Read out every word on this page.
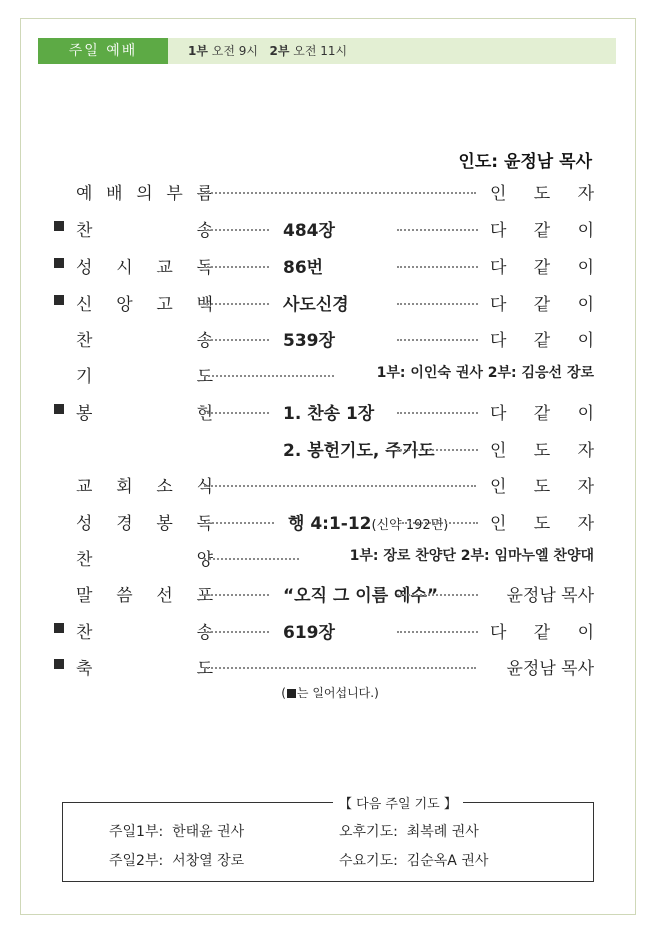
주일 예배	1부 오전 9시 2부 오전 11시
인도: 윤정남 목사
예 배 의 부 름	인 도 자
찬	송	484장	다 같 이
성 시 교 독	86번	다 같 이
신 앙 고 백	사도신경	다 같 이
찬	송	539장	다 같 이
기	도	1부: 이인숙 권사 2부: 김응선 장로
봉	헌	1. 찬송 1장	다 같 이
2. 봉헌기도, 주기도	인 도 자
교 회 소 식	인 도 자
성 경 봉 독	행 4:1-12(신약 192면) 인 도 자
찬	양	1부: 장로 찬양단 2부: 임마누엘 찬양대
말 씀 선 포	“오직 그 이름 예수”	윤정남 목사
찬	송	619장	다 같 이
축	도	윤정남 목사
( 는 일어섭니다.)
【 다음 주일 기도 】
주일1부: 한태윤 권사	오후기도: 최복례 권사
주일2부: 서창열 장로	수요기도: 김순옥A 권사
